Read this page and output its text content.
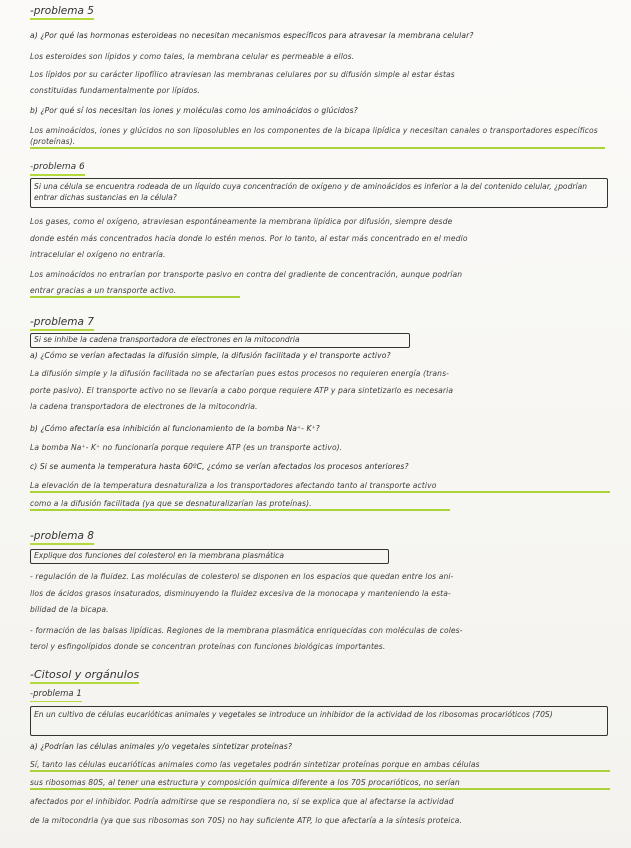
-problema 5
a) ¿Por qué las hormonas esteroideas no necesitan mecanismos específicos para atravesar la membrana celular?
Los esteroides son lípidos y como tales, la membrana celular es permeable a ellos.
Los lípidos por su carácter lipofílico atraviesan las membranas celulares por su difusión simple al estar éstas
constituidas fundamentalmente por lípidos.
b) ¿Por qué sí los necesitan los iones y moléculas como los aminoácidos o glúcidos?
Los aminoácidos, iones y glúcidos no son liposolubles en los componentes de la bicapa lipídica y necesitan canales o transportadores específicos (proteínas).
-problema 6
Si una célula se encuentra rodeada de un líquido cuya concentración de oxígeno y de aminoácidos es inferior a la del contenido celular, ¿podrían entrar dichas sustancias en la célula?
Los gases, como el oxígeno, atraviesan espontáneamente la membrana lipídica por difusión, siempre desde
donde estén más concentrados hacia donde lo estén menos. Por lo tanto, al estar más concentrado en el medio
intracelular el oxígeno no entraría.
Los aminoácidos no entrarían por transporte pasivo en contra del gradiente de concentración, aunque podrían
entrar gracias a un transporte activo.
-problema 7
Si se inhibe la cadena transportadora de electrones en la mitocondria
a) ¿Cómo se verían afectadas la difusión simple, la difusión facilitada y el transporte activo?
La difusión simple y la difusión facilitada no se afectarían pues estos procesos no requieren energía (trans-
porte pasivo). El transporte activo no se llevaría a cabo porque requiere ATP y para sintetizarlo es necesaria
la cadena transportadora de electrones de la mitocondria.
b) ¿Cómo afectaría esa inhibición al funcionamiento de la bomba Na⁺- K⁺?
La bomba Na⁺- K⁺ no funcionaría porque requiere ATP (es un transporte activo).
c) Si se aumenta la temperatura hasta 60ºC, ¿cómo se verían afectados los procesos anteriores?
La elevación de la temperatura desnaturaliza a los transportadores afectando tanto al transporte activo
como a la difusión facilitada (ya que se desnaturalizarían las proteínas).
-problema 8
Explique dos funciones del colesterol en la membrana plasmática
- regulación de la fluidez. Las moléculas de colesterol se disponen en los espacios que quedan entre los ani-
llos de ácidos grasos insaturados, disminuyendo la fluidez excesiva de la monocapa y manteniendo la esta-
bilidad de la bicapa.
- formación de las balsas lipídicas. Regiones de la membrana plasmática enriquecidas con moléculas de coles-
terol y esfingolípidos donde se concentran proteínas con funciones biológicas importantes.
-Citosol y orgánulos
-problema 1
En un cultivo de células eucarióticas animales y vegetales se introduce un inhibidor de la actividad de los ribosomas procarióticos (70S)
a) ¿Podrían las células animales y/o vegetales sintetizar proteínas?
Sí, tanto las células eucarióticas animales como las vegetales podrán sintetizar proteínas porque en ambas células
sus ribosomas 80S, al tener una estructura y composición química diferente a los 70S procarióticos, no serían
afectados por el inhibidor. Podría admitirse que se respondiera no, si se explica que al afectarse la actividad
de la mitocondria (ya que sus ribosomas son 70S) no hay suficiente ATP, lo que afectaría a la síntesis proteica.
